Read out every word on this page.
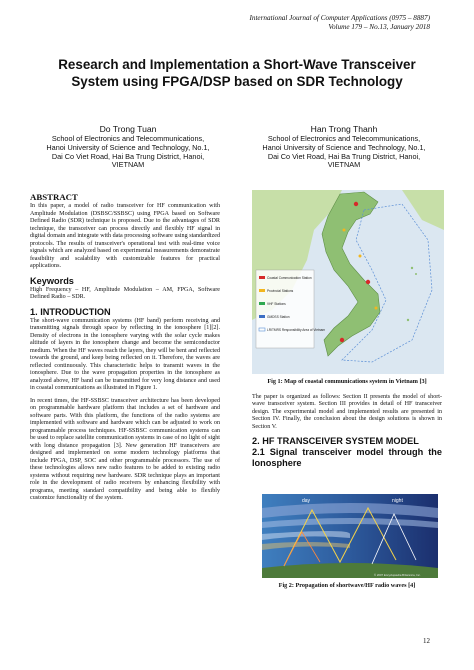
International Journal of Computer Applications (0975 – 8887)
Volume 179 – No.13, January 2018
Research and Implementation a Short-Wave Transceiver
System using FPGA/DSP based on SDR Technology
Do Trong Tuan
School of Electronics and Telecommunications,
Hanoi University of Science and Technology, No.1,
Dai Co Viet Road, Hai Ba Trung District, Hanoi,
VIETNAM
Han Trong Thanh
School of Electronics and Telecommunications,
Hanoi University of Science and Technology, No.1,
Dai Co Viet Road, Hai Ba Trung District, Hanoi,
VIETNAM
ABSTRACT

In this paper, a model of radio transceiver for HF communication with Amplitude Modulation (DSBSC/SSBSC) using FPGA based on Software Defined Radio (SDR) technique is proposed. Due to the advantages of SDR technique, the transceiver can process directly and flexibly HF signal in digital domain and integrate with data processing software using standardized protocols. The results of transceiver's operational test with real-time voice signals which are analyzed based on experimental measurements demonstrate feasibility and scalability with customizable features for practical applications.

Keywords

High Frequency – HF, Amplitude Modulation – AM, FPGA, Software Defined Radio – SDR.

1. INTRODUCTION

The short-wave communication systems (HF band) perform receiving and transmitting signals through space by reflecting in the ionosphere [1][2]. Density of electrons in the ionosphere varying with the solar cycle makes altitude of layers in the ionosphere change and become the semiconductor medium. When the HF waves reach the layers, they will be bent and reflected towards the ground, and keep being reflected on it. Therefore, the waves are reflected continuously. This characteristic helps to transmit waves in the ionosphere. Due to the wave propagation properties in the ionosphere as analyzed above, HF band can be transmitted for very long distance and used in coastal communications as illustrated in Figure 1.

In recent times, the HF-SSBSC transceiver architecture has been developed on programmable hardware platform that includes a set of hardware and software parts. With this platform, the functions of the radio systems are implemented with software and hardware which can be adjusted to work on programmable process techniques. HF-SSBSC communication systems can be used to replace satellite communication systems in case of no light of sight with long distance propagation [3]. New generation HF transceivers are designed and implemented on some modern technology platforms that include FPGA, DSP, SOC and other programmable processors. The use of these technologies allows new radio features to be added to existing radio systems without requiring new hardware. SDR technique plays an important role in the development of radio receivers by enhancing flexibility with programs, meeting standard compatibility and being able to flexibly customize functionality of the system.

Coastal Communication Station
Provincial Stations
VHF Stations
GMDSS Station
LRITMRS Responsibility Area of Vietnam
Fig 1: Map of coastal communications system in Vietnam [3]

The paper is organized as follows: Section II presents the model of short-wave transceiver system. Section III provides in detail of HF transceiver design. The experimental model and implemented results are presented in Section IV. Finally, the conclusion about the design solutions is shown in Section V.

2. HF TRANSCEIVER SYSTEM MODEL
2.1 Signal transceiver model through the Ionosphere
day	night
© 2007 Encyclopædia Britannica, Inc.
Fig 2: Propagation of shortwave/HF radio waves [4]
12
